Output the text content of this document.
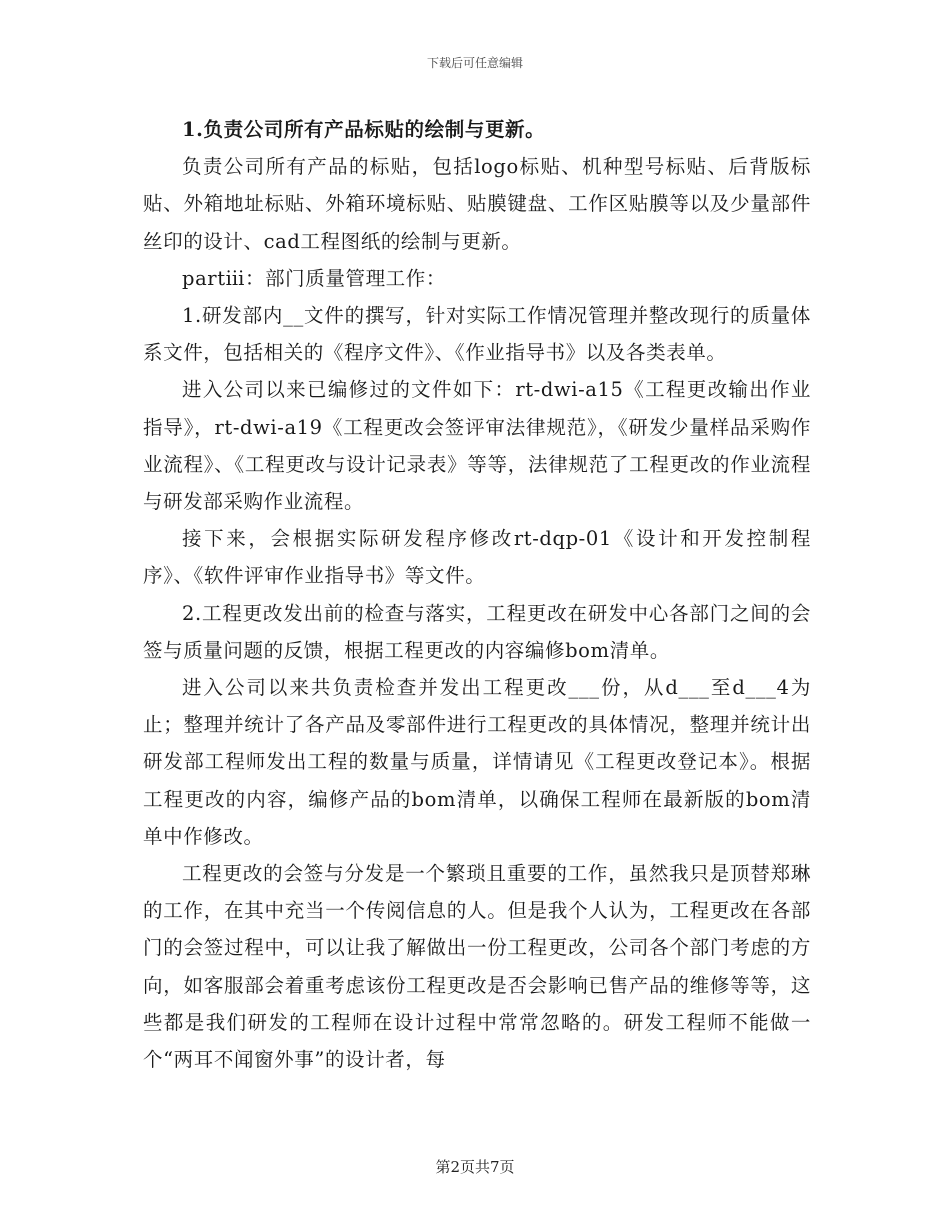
下载后可任意编辑

1.负责公司所有产品标贴的绘制与更新。

负责公司所有产品的标贴，包括logo标贴、机种型号标贴、后背版标贴、外箱地址标贴、外箱环境标贴、贴膜键盘、工作区贴膜等以及少量部件丝印的设计、cad工程图纸的绘制与更新。

partⅲ：部门质量管理工作：

1.研发部内__文件的撰写，针对实际工作情况管理并整改现行的质量体系文件，包括相关的《程序文件》、《作业指导书》以及各类表单。

进入公司以来已编修过的文件如下：rt-dwi-a15《工程更改输出作业指导》，rt-dwi-a19《工程更改会签评审法律规范》，《研发少量样品采购作业流程》、《工程更改与设计记录表》等等，法律规范了工程更改的作业流程与研发部采购作业流程。

接下来，会根据实际研发程序修改rt-dqp-01《设计和开发控制程序》、《软件评审作业指导书》等文件。

2.工程更改发出前的检查与落实，工程更改在研发中心各部门之间的会签与质量问题的反馈，根据工程更改的内容编修bom清单。

进入公司以来共负责检查并发出工程更改___份，从d___至d___4为止；整理并统计了各产品及零部件进行工程更改的具体情况，整理并统计出研发部工程师发出工程的数量与质量，详情请见《工程更改登记本》。根据工程更改的内容，编修产品的bom清单，以确保工程师在最新版的bom清单中作修改。

工程更改的会签与分发是一个繁琐且重要的工作，虽然我只是顶替郑琳的工作，在其中充当一个传阅信息的人。但是我个人认为，工程更改在各部门的会签过程中，可以让我了解做出一份工程更改，公司各个部门考虑的方向，如客服部会着重考虑该份工程更改是否会影响已售产品的维修等等，这些都是我们研发的工程师在设计过程中常常忽略的。研发工程师不能做一个“两耳不闻窗外事”的设计者，每

第2页共7页
